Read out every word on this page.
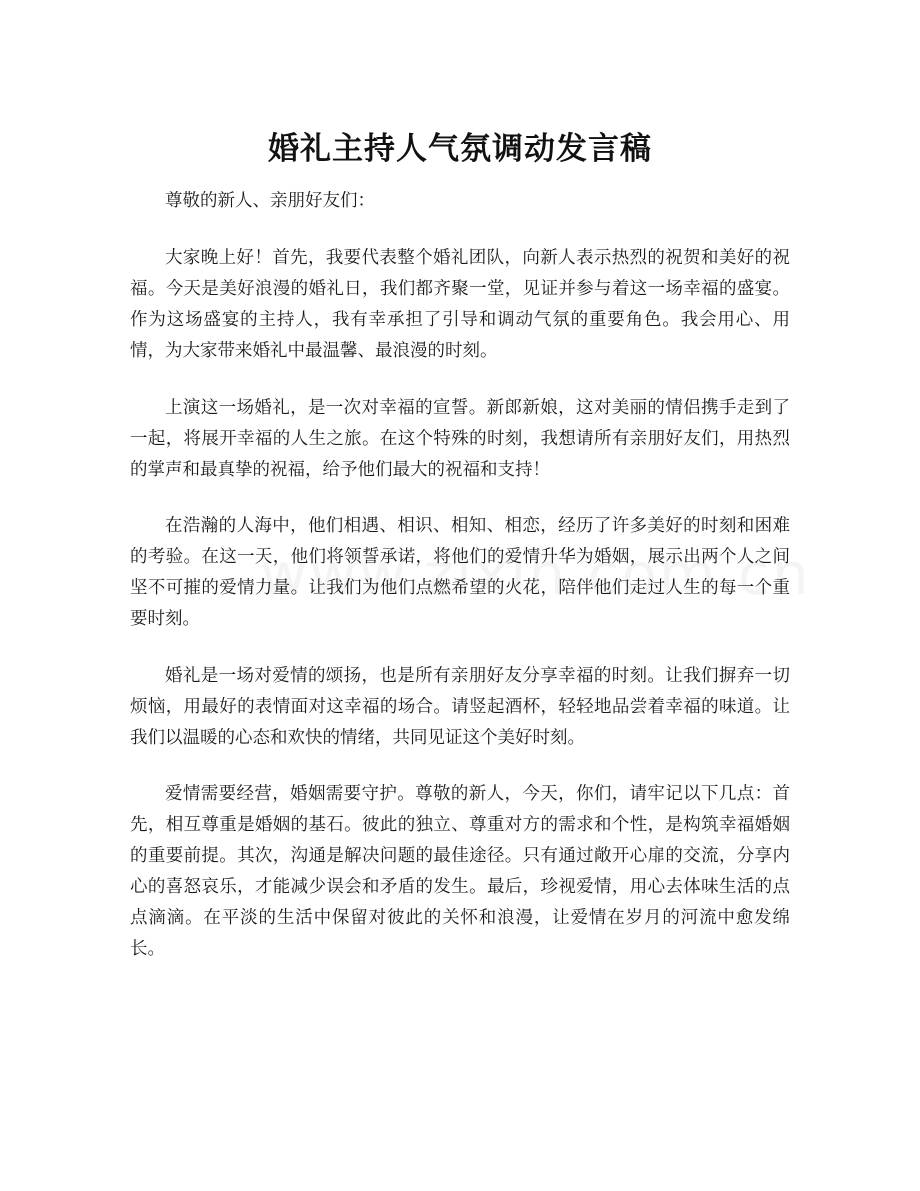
婚礼主持人气氛调动发言稿

尊敬的新人、亲朋好友们：

大家晚上好！首先，我要代表整个婚礼团队，向新人表示热烈的祝贺和美好的祝福。今天是美好浪漫的婚礼日，我们都齐聚一堂，见证并参与着这一场幸福的盛宴。作为这场盛宴的主持人，我有幸承担了引导和调动气氛的重要角色。我会用心、用情，为大家带来婚礼中最温馨、最浪漫的时刻。

上演这一场婚礼，是一次对幸福的宣誓。新郎新娘，这对美丽的情侣携手走到了一起，将展开幸福的人生之旅。在这个特殊的时刻，我想请所有亲朋好友们，用热烈的掌声和最真挚的祝福，给予他们最大的祝福和支持！

在浩瀚的人海中，他们相遇、相识、相知、相恋，经历了许多美好的时刻和困难的考验。在这一天，他们将领誓承诺，将他们的爱情升华为婚姻，展示出两个人之间坚不可摧的爱情力量。让我们为他们点燃希望的火花，陪伴他们走过人生的每一个重要时刻。

婚礼是一场对爱情的颂扬，也是所有亲朋好友分享幸福的时刻。让我们摒弃一切烦恼，用最好的表情面对这幸福的场合。请竖起酒杯，轻轻地品尝着幸福的味道。让我们以温暖的心态和欢快的情绪，共同见证这个美好时刻。

爱情需要经营，婚姻需要守护。尊敬的新人，今天，你们，请牢记以下几点：首先，相互尊重是婚姻的基石。彼此的独立、尊重对方的需求和个性，是构筑幸福婚姻的重要前提。其次，沟通是解决问题的最佳途径。只有通过敞开心扉的交流，分享内心的喜怒哀乐，才能减少误会和矛盾的发生。最后，珍视爱情，用心去体味生活的点点滴滴。在平淡的生活中保留对彼此的关怀和浪漫，让爱情在岁月的河流中愈发绵长。
